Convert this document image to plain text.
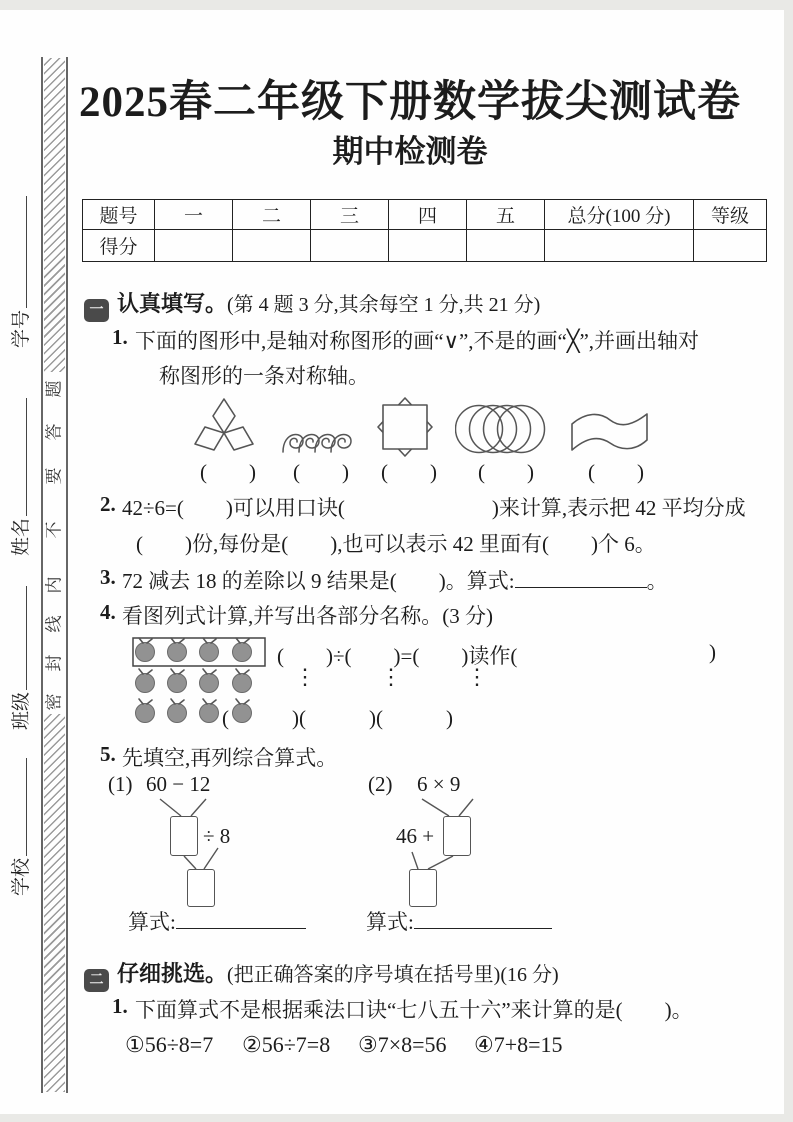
题
答
要
不
内
线
封
密
学号
姓名
班级
学校
2025春二年级下册数学拔尖测试卷
期中检测卷
题号	一	二	三	四	五	总分(100 分)	等级
得分							
一 认真填写。(第 4 题 3 分,其余每空 1 分,共 21 分)
1. 下面的图形中,是轴对称图形的画“∨”,不是的画“╳”,并画出轴对
称图形的一条对称轴。
(　　) (　　) (　　) (　　)	(　　)
2. 42÷6=(　　)可以用口诀(　　　　　　　)来计算,表示把 42 平均分成
(　　)份,每份是(　　),也可以表示 42 里面有(　　)个 6。
3. 72 减去 18 的差除以 9 结果是(　　)。算式:	。
4. 看图列式计算,并写出各部分名称。(3 分)
(　　)÷(　　)=(　　)读作(	)
⋮	⋮	⋮
(　　　)(　　　)(　　　)
5. 先填空,再列综合算式。
(1) 60 − 12
÷ 8
算式:
(2) 6 × 9
46 +
算式:
二 仔细挑选。(把正确答案的序号填在括号里)(16 分)
1. 下面算式不是根据乘法口诀“七八五十六”来计算的是(　　)。
①56÷8=7 ②56÷7=8 ③7×8=56 ④7+8=15
